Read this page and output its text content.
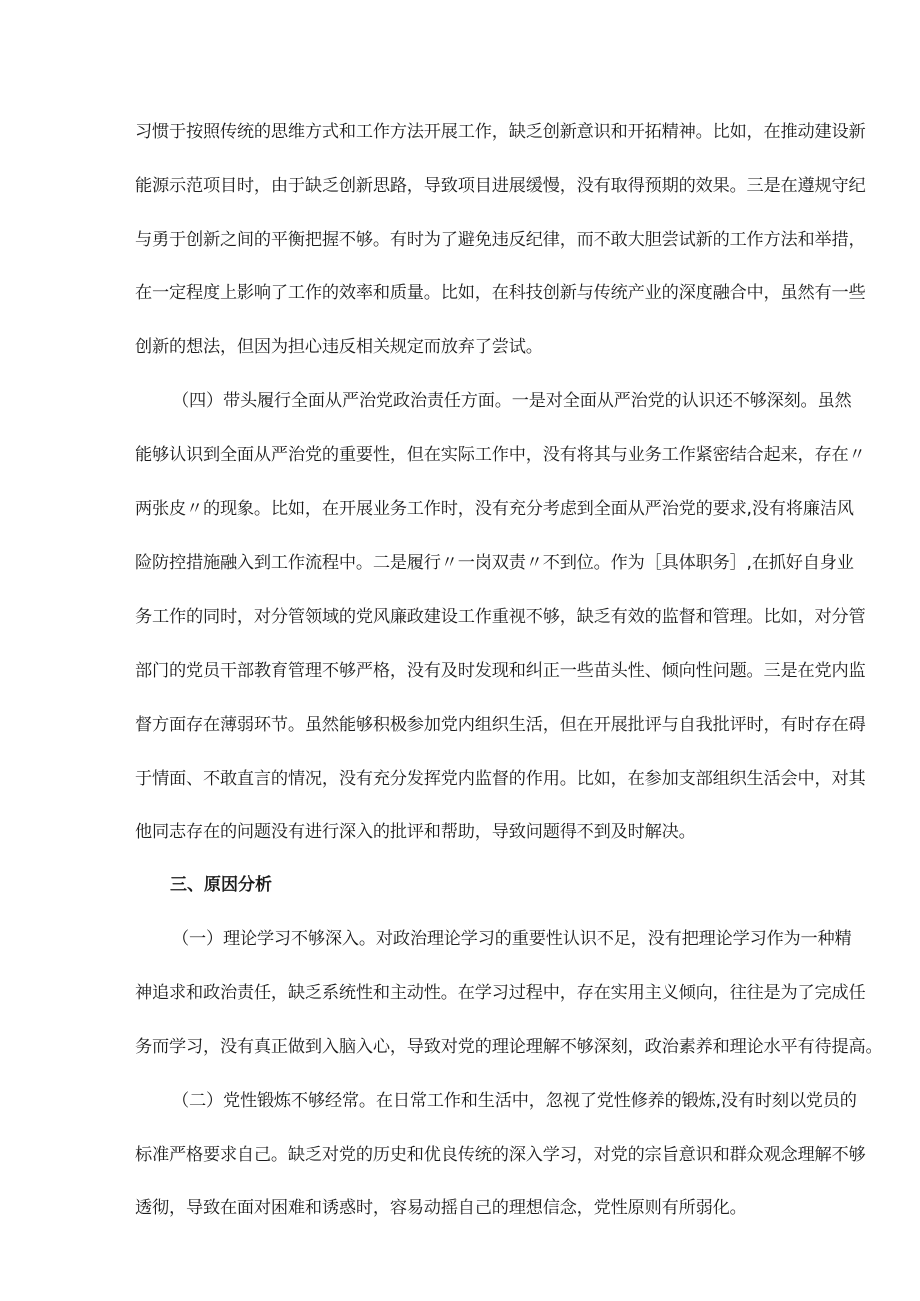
习惯于按照传统的思维方式和工作方法开展工作，缺乏创新意识和开拓精神。比如，在推动建设新
能源示范项目时，由于缺乏创新思路，导致项目进展缓慢，没有取得预期的效果。三是在遵规守纪
与勇于创新之间的平衡把握不够。有时为了避免违反纪律，而不敢大胆尝试新的工作方法和举措，
在一定程度上影响了工作的效率和质量。比如，在科技创新与传统产业的深度融合中，虽然有一些
创新的想法，但因为担心违反相关规定而放弃了尝试。
（四）带头履行全面从严治党政治责任方面。一是对全面从严治党的认识还不够深刻。虽然
能够认识到全面从严治党的重要性，但在实际工作中，没有将其与业务工作紧密结合起来，存在〃
两张皮〃的现象。比如，在开展业务工作时，没有充分考虑到全面从严治党的要求,没有将廉洁风
险防控措施融入到工作流程中。二是履行〃一岗双责〃不到位。作为［具体职务］,在抓好自身业
务工作的同时，对分管领域的党风廉政建设工作重视不够，缺乏有效的监督和管理。比如，对分管
部门的党员干部教育管理不够严格，没有及时发现和纠正一些苗头性、倾向性问题。三是在党内监
督方面存在薄弱环节。虽然能够积极参加党内组织生活，但在开展批评与自我批评时，有时存在碍
于情面、不敢直言的情况，没有充分发挥党内监督的作用。比如，在参加支部组织生活会中，对其
他同志存在的问题没有进行深入的批评和帮助，导致问题得不到及时解决。
三、原因分析
（一）理论学习不够深入。对政治理论学习的重要性认识不足，没有把理论学习作为一种精
神追求和政治责任，缺乏系统性和主动性。在学习过程中，存在实用主义倾向，往往是为了完成任
务而学习，没有真正做到入脑入心，导致对党的理论理解不够深刻，政治素养和理论水平有待提高。
（二）党性锻炼不够经常。在日常工作和生活中，忽视了党性修养的锻炼,没有时刻以党员的
标准严格要求自己。缺乏对党的历史和优良传统的深入学习，对党的宗旨意识和群众观念理解不够
透彻，导致在面对困难和诱惑时，容易动摇自己的理想信念，党性原则有所弱化。
